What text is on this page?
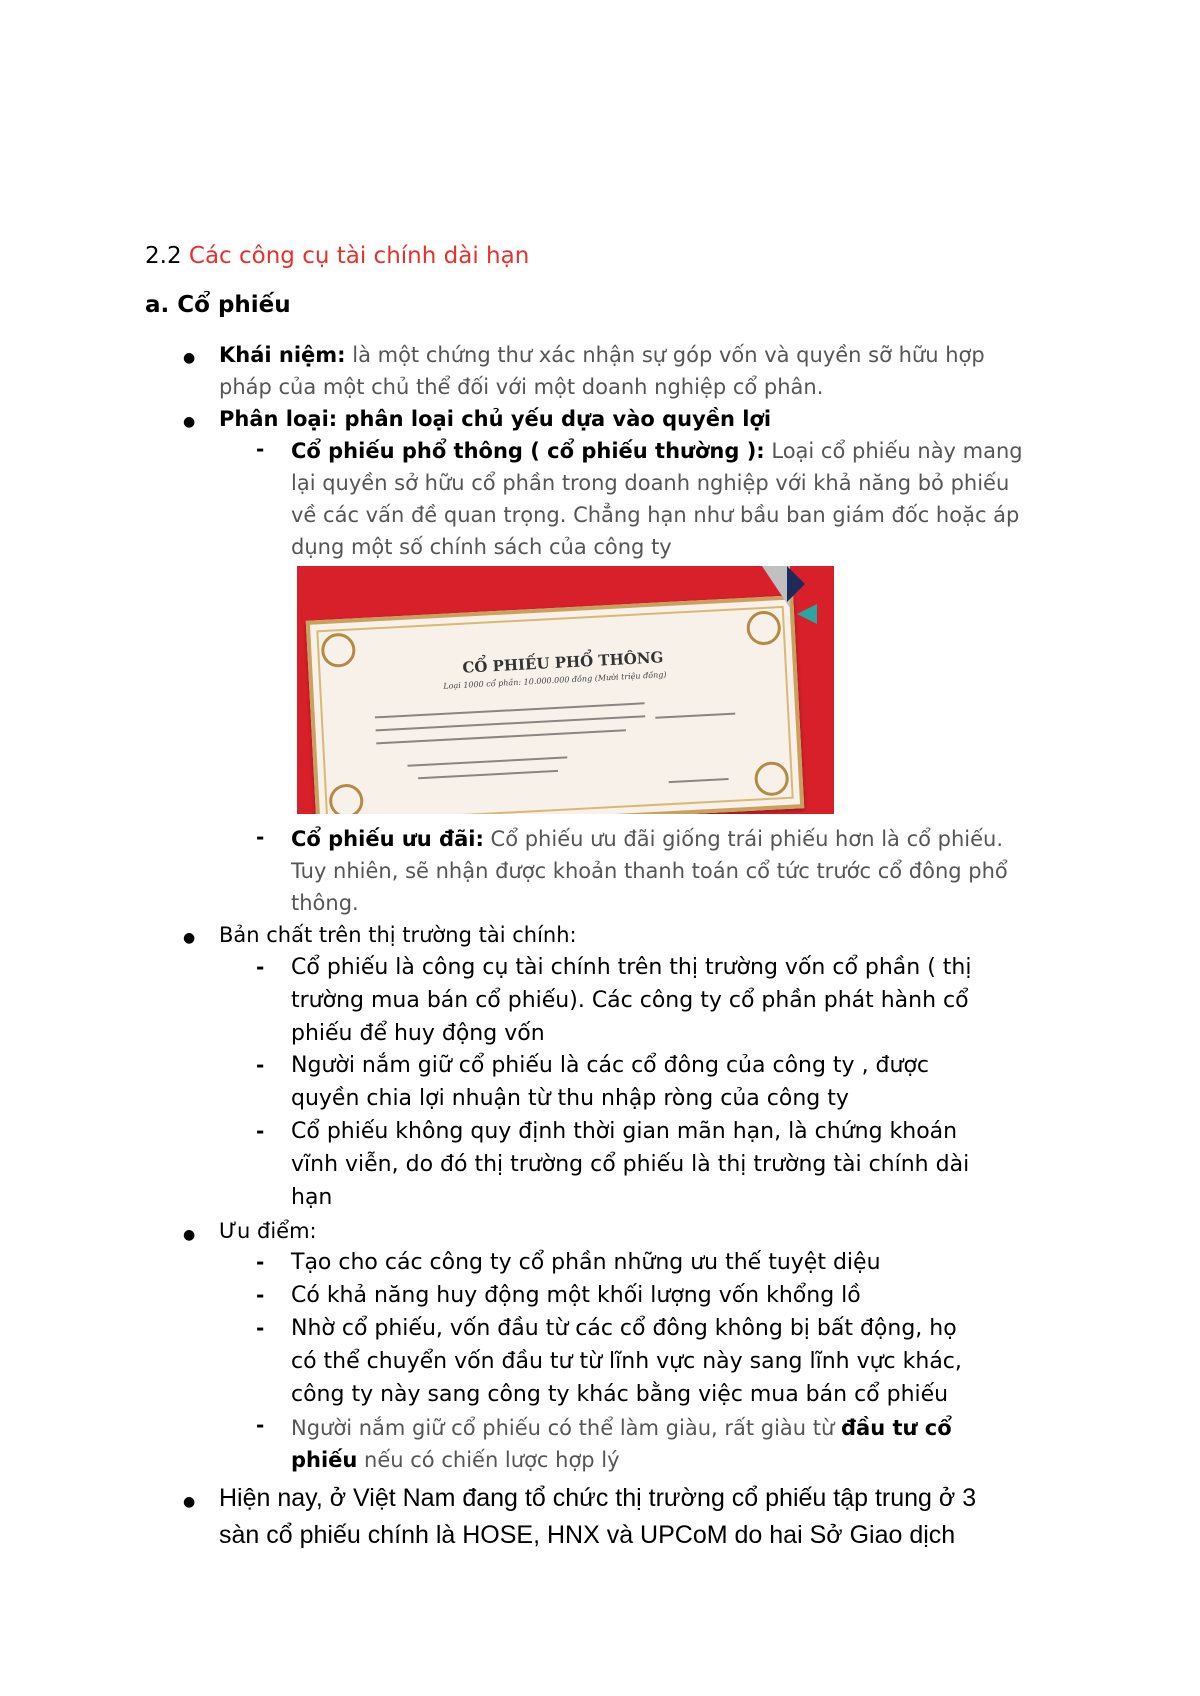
2.2 Các công cụ tài chính dài hạn
a. Cổ phiếu
● Khái niệm: là một chứng thư xác nhận sự góp vốn và quyền sỡ hữu hợp
pháp của một chủ thể đối với một doanh nghiệp cổ phân.
● Phân loại: phân loại chủ yếu dựa vào quyền lợi
- Cổ phiếu phổ thông ( cổ phiếu thường ): Loại cổ phiếu này mang
lại quyền sở hữu cổ phần trong doanh nghiệp với khả năng bỏ phiếu
về các vấn đề quan trọng. Chẳng hạn như bầu ban giám đốc hoặc áp
dụng một số chính sách của công ty
CỔ PHIẾU PHỔ THÔNG
Loại 1000 cổ phần: 10.000.000 đồng (Mười triệu đồng)
- Cổ phiếu ưu đãi: Cổ phiếu ưu đãi giống trái phiếu hơn là cổ phiếu.
Tuy nhiên, sẽ nhận được khoản thanh toán cổ tức trước cổ đông phổ
thông.
● Bản chất trên thị trường tài chính:
- Cổ phiếu là công cụ tài chính trên thị trường vốn cổ phần ( thị
trường mua bán cổ phiếu). Các công ty cổ phần phát hành cổ
phiếu để huy động vốn
- Người nắm giữ cổ phiếu là các cổ đông của công ty , được
quyền chia lợi nhuận từ thu nhập ròng của công ty
- Cổ phiếu không quy định thời gian mãn hạn, là chứng khoán
vĩnh viễn, do đó thị trường cổ phiếu là thị trường tài chính dài
hạn
● Ưu điểm:
- Tạo cho các công ty cổ phần những ưu thế tuyệt diệu
- Có khả năng huy động một khối lượng vốn khổng lồ
- Nhờ cổ phiếu, vốn đầu từ các cổ đông không bị bất động, họ
có thể chuyển vốn đầu tư từ lĩnh vực này sang lĩnh vực khác,
công ty này sang công ty khác bằng việc mua bán cổ phiếu
- Người nắm giữ cổ phiếu có thể làm giàu, rất giàu từ đầu tư cổ
phiếu nếu có chiến lược hợp lý
● Hiện nay, ở Việt Nam đang tổ chức thị trường cổ phiếu tập trung ở 3
sàn cổ phiếu chính là HOSE, HNX và UPCoM do hai Sở Giao dịch
